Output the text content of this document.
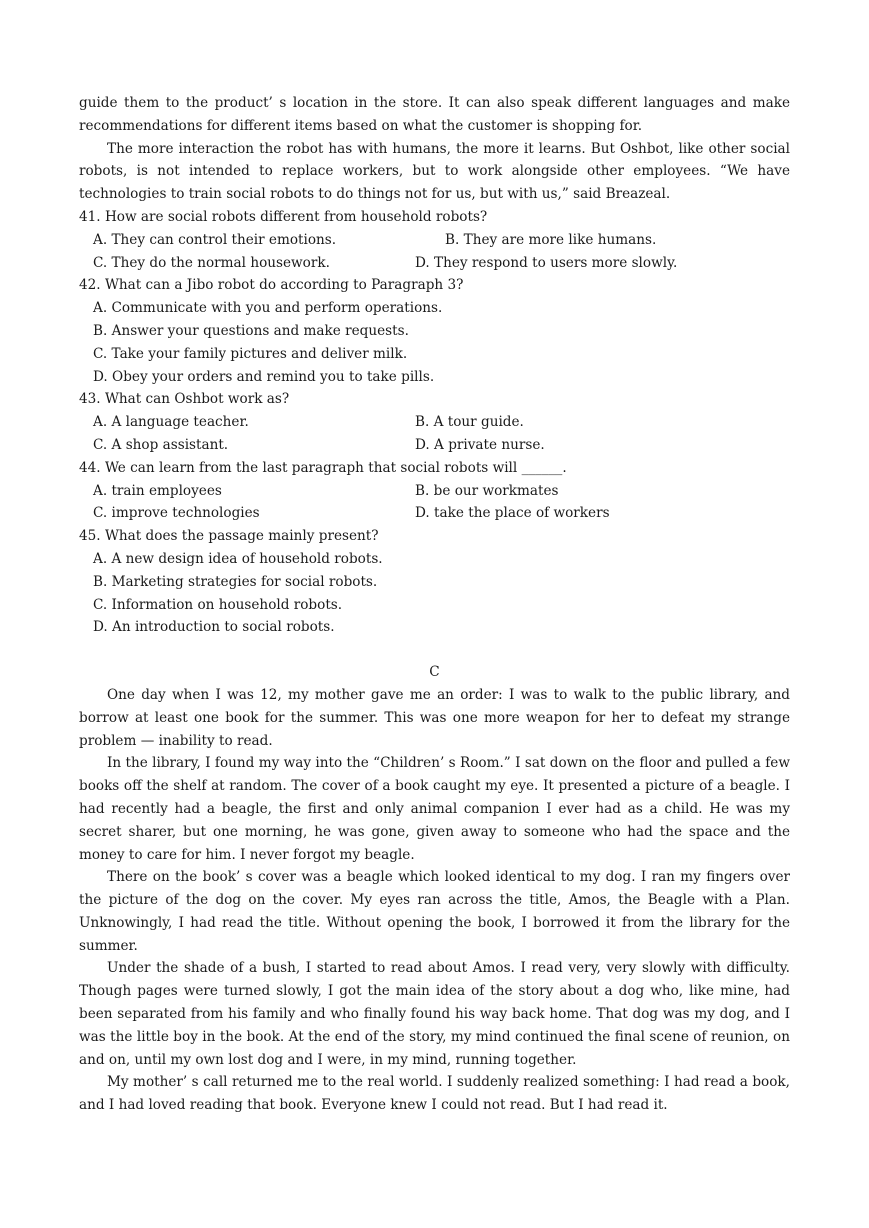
guide them to the product’ s location in the store. It can also speak different languages and make recommendations for different items based on what the customer is shopping for.

The more interaction the robot has with humans, the more it learns. But Oshbot, like other social robots, is not intended to replace workers, but to work alongside other employees. “We have technologies to train social robots to do things not for us, but with us,” said Breazeal.

41. How are social robots different from household robots?

A. They can control their emotions.	B. They are more like humans.
C. They do the normal housework.	D. They respond to users more slowly.

42. What can a Jibo robot do according to Paragraph 3?

A. Communicate with you and perform operations.

B. Answer your questions and make requests.

C. Take your family pictures and deliver milk.

D. Obey your orders and remind you to take pills.

43. What can Oshbot work as?

A. A language teacher.	B. A tour guide.
C. A shop assistant.	D. A private nurse.

44. We can learn from the last paragraph that social robots will ______.

A. train employees	B. be our workmates
C. improve technologies	D. take the place of workers

45. What does the passage mainly present?

A. A new design idea of household robots.

B. Marketing strategies for social robots.

C. Information on household robots.

D. An introduction to social robots.

C

One day when I was 12, my mother gave me an order: I was to walk to the public library, and borrow at least one book for the summer. This was one more weapon for her to defeat my strange problem — inability to read.

In the library, I found my way into the “Children’ s Room.” I sat down on the floor and pulled a few books off the shelf at random. The cover of a book caught my eye. It presented a picture of a beagle. I had recently had a beagle, the first and only animal companion I ever had as a child. He was my secret sharer, but one morning, he was gone, given away to someone who had the space and the money to care for him. I never forgot my beagle.

There on the book’ s cover was a beagle which looked identical to my dog. I ran my fingers over the picture of the dog on the cover. My eyes ran across the title, Amos, the Beagle with a Plan. Unknowingly, I had read the title. Without opening the book, I borrowed it from the library for the summer.

Under the shade of a bush, I started to read about Amos. I read very, very slowly with difficulty. Though pages were turned slowly, I got the main idea of the story about a dog who, like mine, had been separated from his family and who finally found his way back home. That dog was my dog, and I was the little boy in the book. At the end of the story, my mind continued the final scene of reunion, on and on, until my own lost dog and I were, in my mind, running together.

My mother’ s call returned me to the real world. I suddenly realized something: I had read a book, and I had loved reading that book. Everyone knew I could not read. But I had read it.
